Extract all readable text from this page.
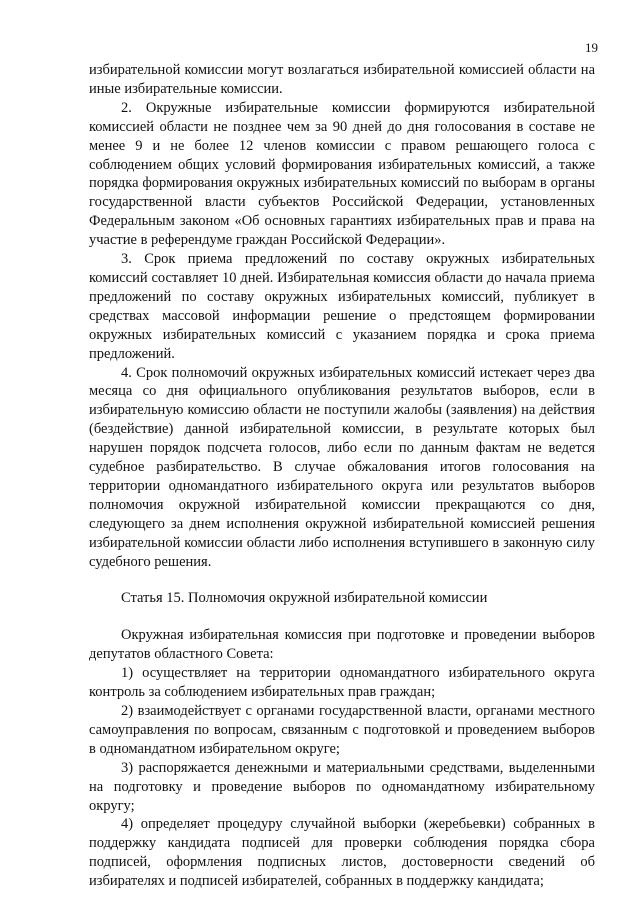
19

избирательной комиссии могут возлагаться избирательной комиссией области на иные избирательные комиссии.

2. Окружные избирательные комиссии формируются избирательной комиссией области не позднее чем за 90 дней до дня голосования в составе не менее 9 и не более 12 членов комиссии с правом решающего голоса с соблюдением общих условий формирования избирательных комиссий, а также порядка формирования окружных избирательных комиссий по выборам в органы государственной власти субъектов Российской Федерации, установленных Федеральным законом «Об основных гарантиях избирательных прав и права на участие в референдуме граждан Российской Федерации».

3. Срок приема предложений по составу окружных избирательных комиссий составляет 10 дней. Избирательная комиссия области до начала приема предложений по составу окружных избирательных комиссий, публикует в средствах массовой информации решение о предстоящем формировании окружных избирательных комиссий с указанием порядка и срока приема предложений.

4. Срок полномочий окружных избирательных комиссий истекает через два месяца со дня официального опубликования результатов выборов, если в избирательную комиссию области не поступили жалобы (заявления) на действия (бездействие) данной избирательной комиссии, в результате которых был нарушен порядок подсчета голосов, либо если по данным фактам не ведется судебное разбирательство. В случае обжалования итогов голосования на территории одномандатного избирательного округа или результатов выборов полномочия окружной избирательной комиссии прекращаются со дня, следующего за днем исполнения окружной избирательной комиссией решения избирательной комиссии области либо исполнения вступившего в законную силу судебного решения.

Статья 15. Полномочия окружной избирательной комиссии

Окружная избирательная комиссия при подготовке и проведении выборов депутатов областного Совета:

1) осуществляет на территории одномандатного избирательного округа контроль за соблюдением избирательных прав граждан;

2) взаимодействует с органами государственной власти, органами местного самоуправления по вопросам, связанным с подготовкой и проведением выборов в одномандатном избирательном округе;

3) распоряжается денежными и материальными средствами, выделенными на подготовку и проведение выборов по одномандатному избирательному округу;

4) определяет процедуру случайной выборки (жеребьевки) собранных в поддержку кандидата подписей для проверки соблюдения порядка сбора подписей, оформления подписных листов, достоверности сведений об избирателях и подписей избирателей, собранных в поддержку кандидата;
